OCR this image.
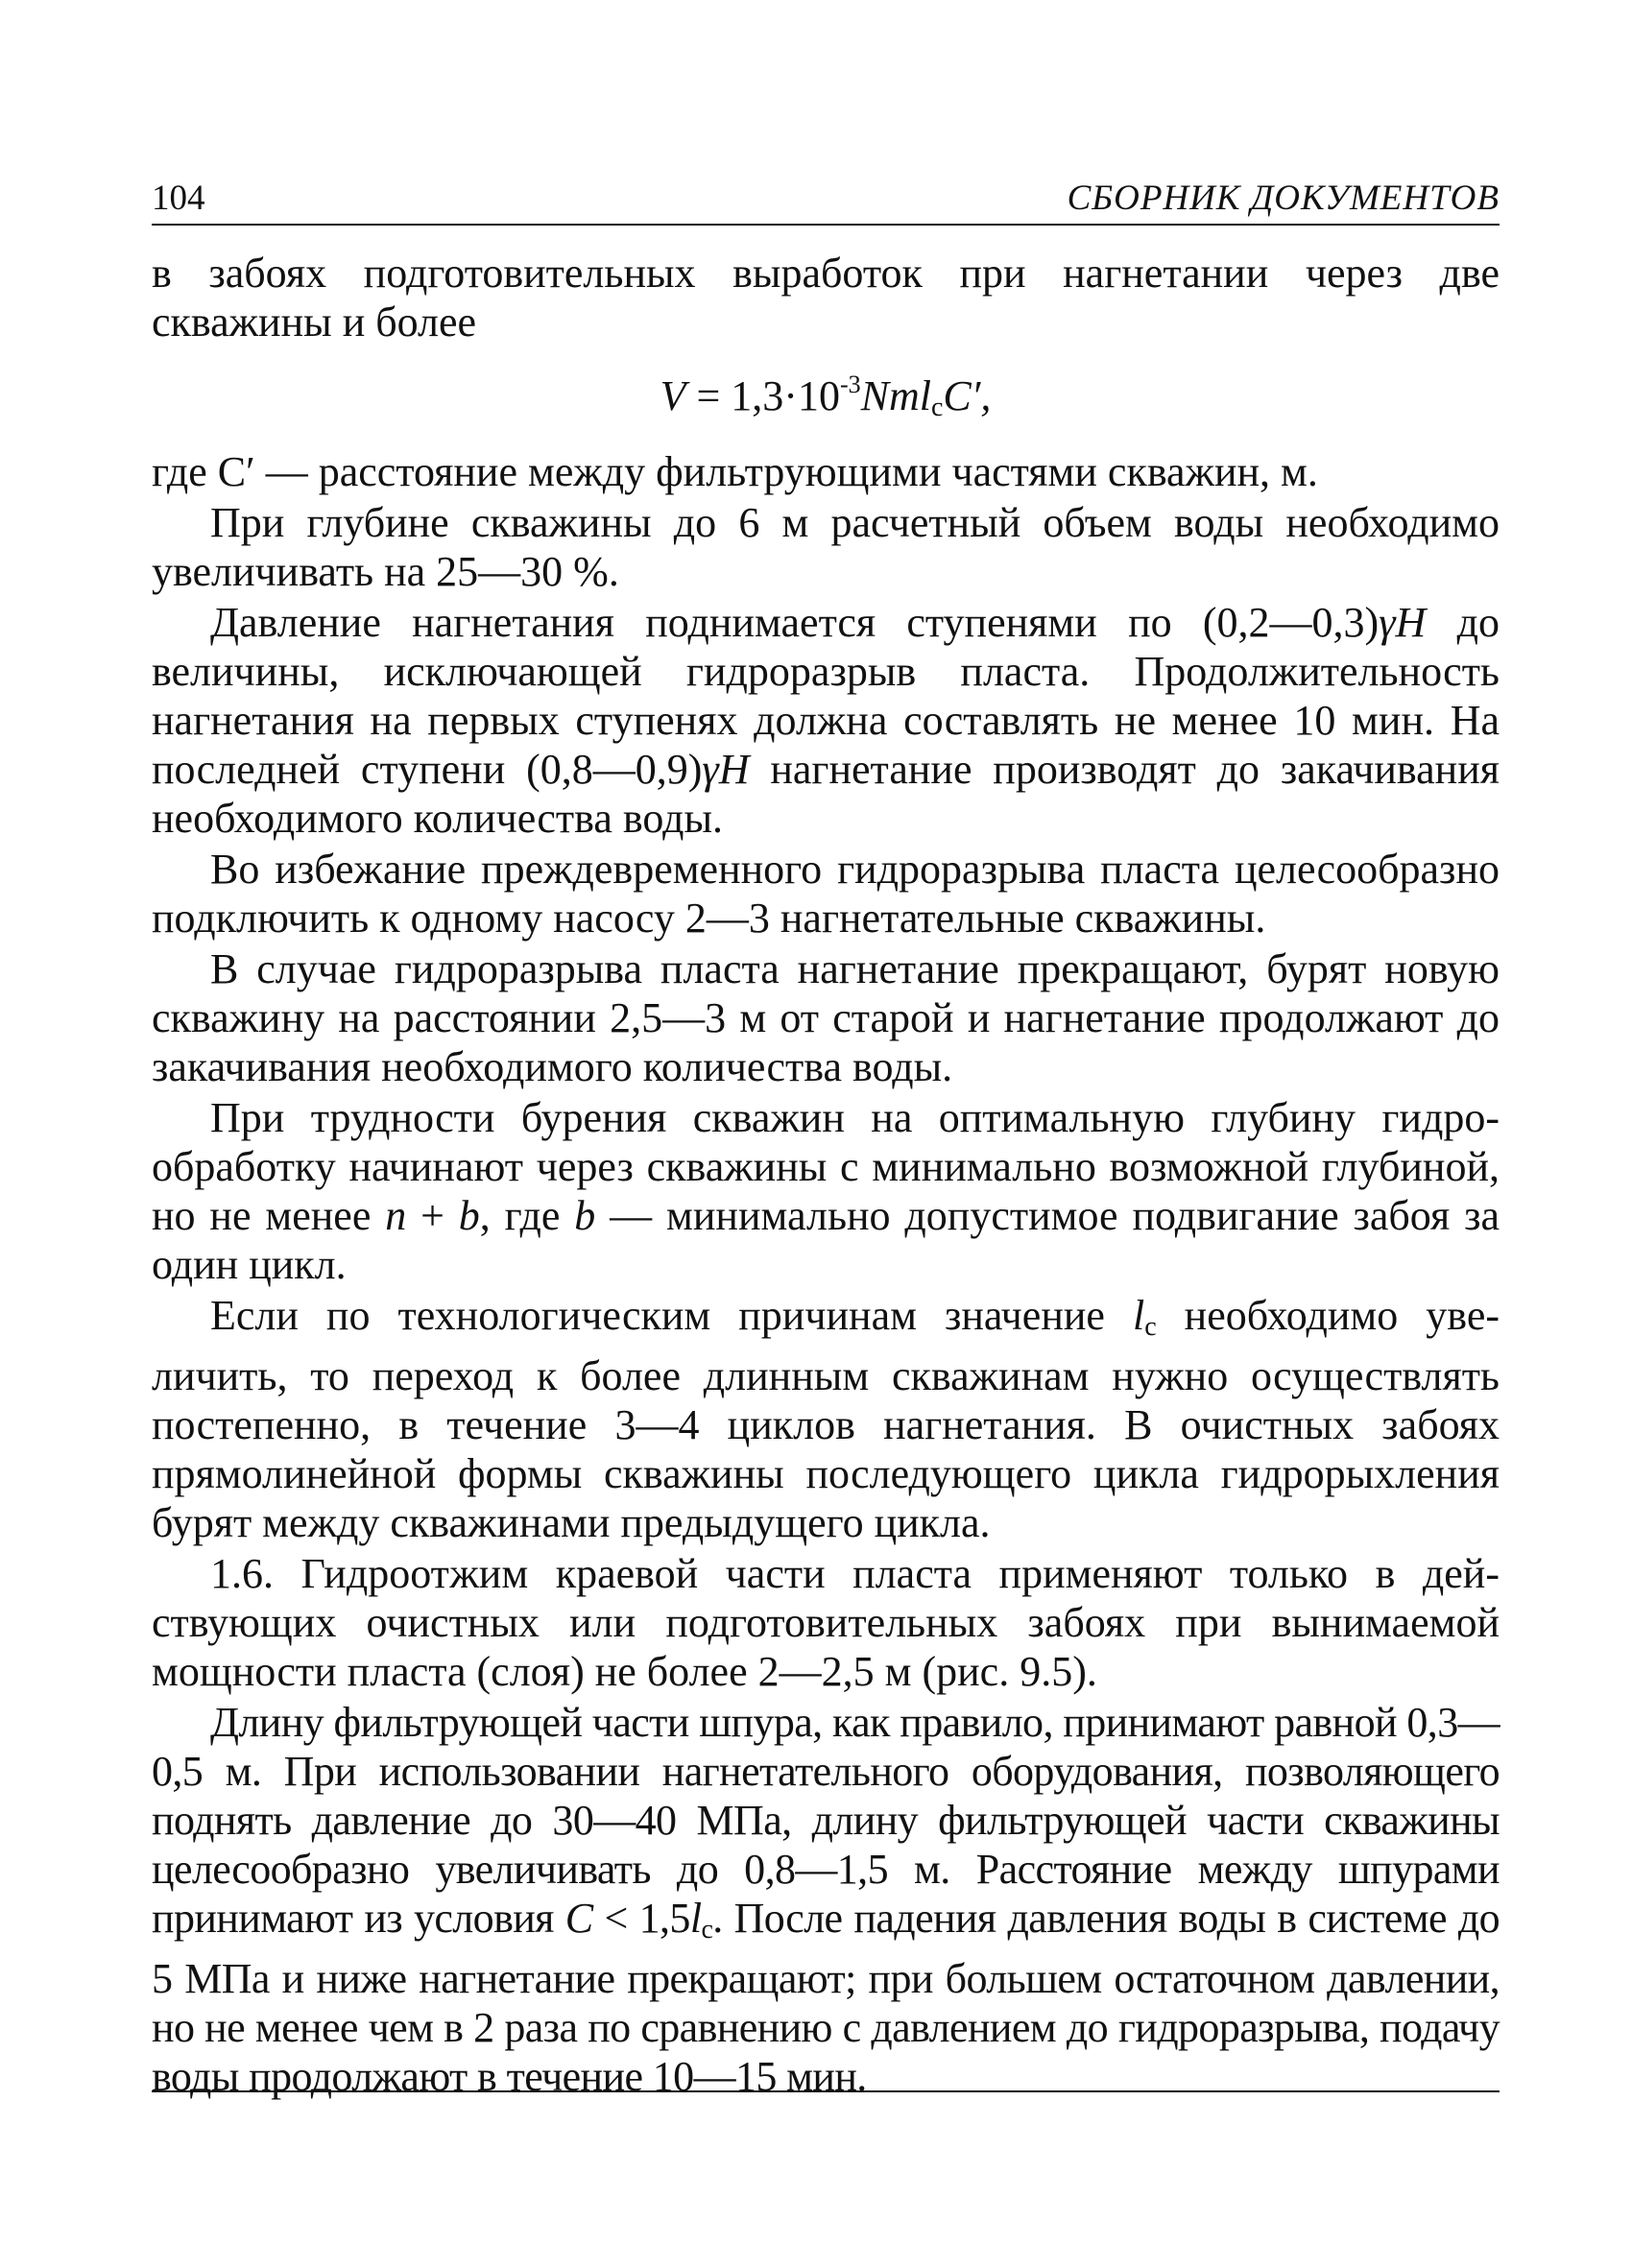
104	СБОРНИК ДОКУМЕНТОВ

в забоях подготовительных выработок при нагнетании через две скважины и более

$V = 1,3\cdot 10^{-3}Nml_сC'$,

где C′ — расстояние между фильтрующими частями скважин, м.

При глубине скважины до 6 м расчетный объем воды необходимо увеличивать на 25—30 %.

Давление нагнетания поднимается ступенями по (0,2—0,3)γH до величины, исключающей гидроразрыв пласта. Продолжительность нагнетания на первых ступенях должна составлять не менее 10 мин. На последней ступени (0,8—0,9)γH нагнетание производят до закачивания необходимого количества воды.

Во избежание преждевременного гидроразрыва пласта целесообразно подключить к одному насосу 2—3 нагнетательные скважины.

В случае гидроразрыва пласта нагнетание прекращают, бурят новую скважину на расстоянии 2,5—3 м от старой и нагнетание продолжают до закачивания необходимого количества воды.

При трудности бурения скважин на оптимальную глубину гидрообработку начинают через скважины с минимально возможной глубиной, но не менее n + b, где b — минимально допустимое подвигание забоя за один цикл.

Если по технологическим причинам значение $l_с$ необходимо увеличить, то переход к более длинным скважинам нужно осуществлять постепенно, в течение 3—4 циклов нагнетания. В очистных забоях прямолинейной формы скважины последующего цикла гидрорыхления бурят между скважинами предыдущего цикла.

1.6. Гидроотжим краевой части пласта применяют только в действующих очистных или подготовительных забоях при вынимаемой мощности пласта (слоя) не более 2—2,5 м (рис. 9.5).

Длину фильтрующей части шпура, как правило, принимают равной 0,3—0,5 м. При использовании нагнетательного оборудования, позволяющего поднять давление до 30—40 МПа, длину фильтрующей части скважины целесообразно увеличивать до 0,8—1,5 м. Расстояние между шпурами принимают из условия $C < 1,5l_с$. После падения давления воды в системе до 5 МПа и ниже нагнетание прекращают; при большем остаточном давлении, но не менее чем в 2 раза по сравнению с давлением до гидроразрыва, подачу воды продолжают в течение 10—15 мин.
